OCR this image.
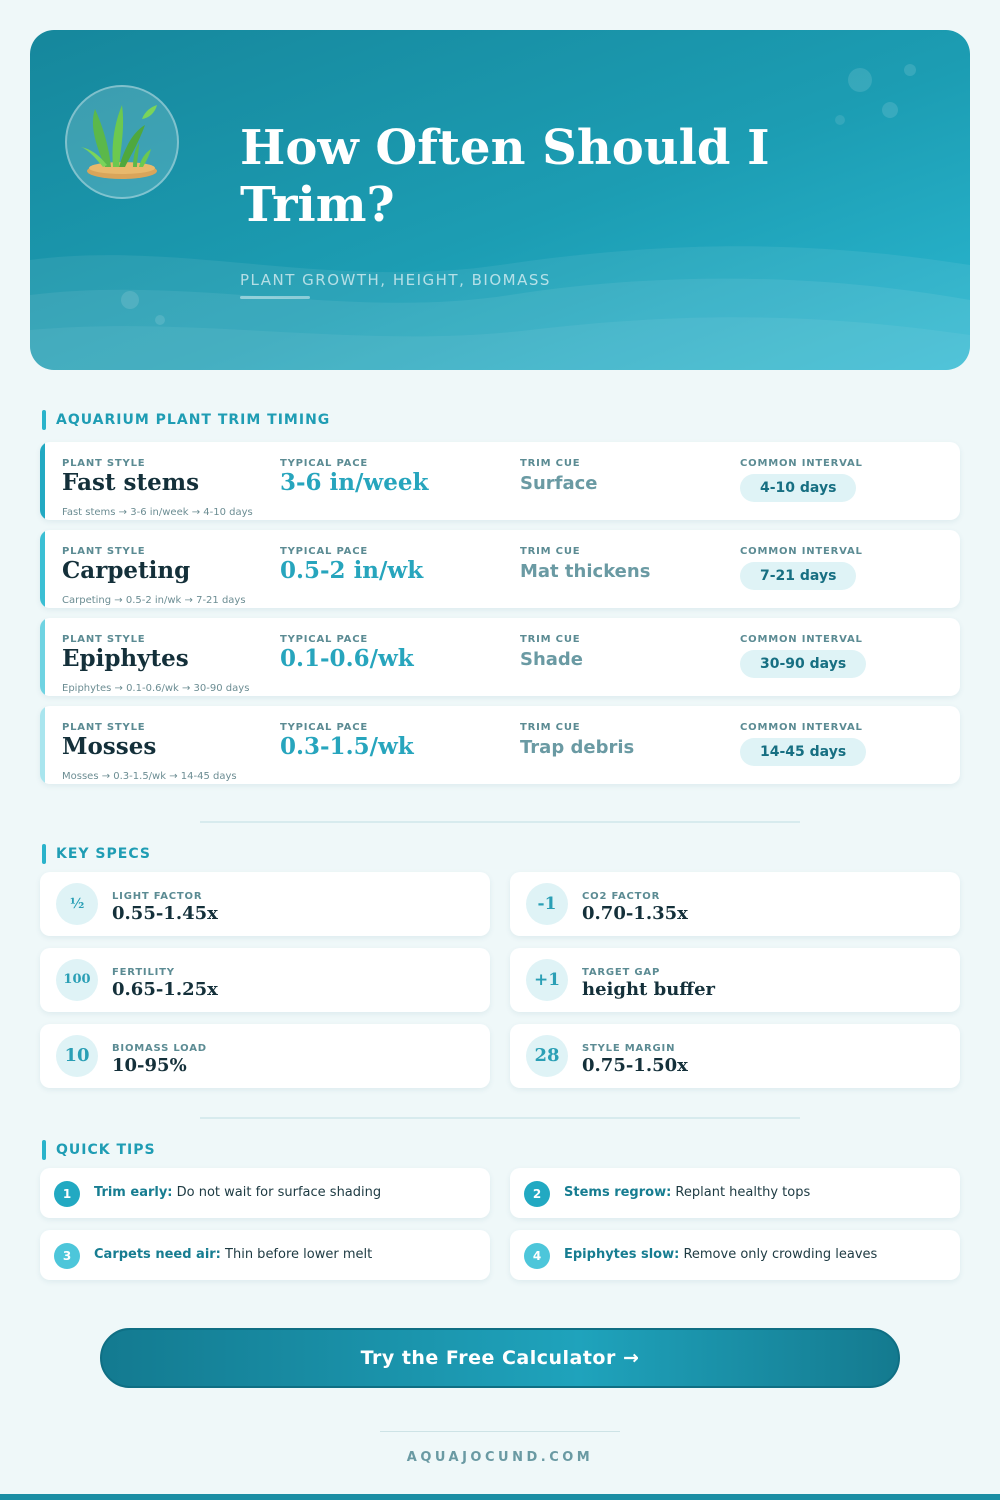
How Often Should I Trim?
PLANT GROWTH, HEIGHT, BIOMASS
AQUARIUM PLANT TRIM TIMING
PLANT STYLE	TYPICAL PACE	TRIM CUE	COMMON INTERVAL
Fast stems	3-6 in/week	Surface	4-10 days
Fast stems → 3-6 in/week → 4-10 days
PLANT STYLE	TYPICAL PACE	TRIM CUE	COMMON INTERVAL
Carpeting	0.5-2 in/wk	Mat thickens	7-21 days
Carpeting → 0.5-2 in/wk → 7-21 days
PLANT STYLE	TYPICAL PACE	TRIM CUE	COMMON INTERVAL
Epiphytes	0.1-0.6/wk	Shade	30-90 days
Epiphytes → 0.1-0.6/wk → 30-90 days
PLANT STYLE	TYPICAL PACE	TRIM CUE	COMMON INTERVAL
Mosses	0.3-1.5/wk	Trap debris	14-45 days
Mosses → 0.3-1.5/wk → 14-45 days
KEY SPECS
½	LIGHT FACTOR
0.55-1.45x	-1	CO2 FACTOR
0.70-1.35x
100	FERTILITY
0.65-1.25x	+1	TARGET GAP
height buffer
10	BIOMASS LOAD
10-95%	28	STYLE MARGIN
0.75-1.50x
QUICK TIPS
1	Trim early: Do not wait for surface shading	2	Stems regrow: Replant healthy tops
3	Carpets need air: Thin before lower melt	4	Epiphytes slow: Remove only crowding leaves
Try the Free Calculator →
AQUAJOCUND.COM
